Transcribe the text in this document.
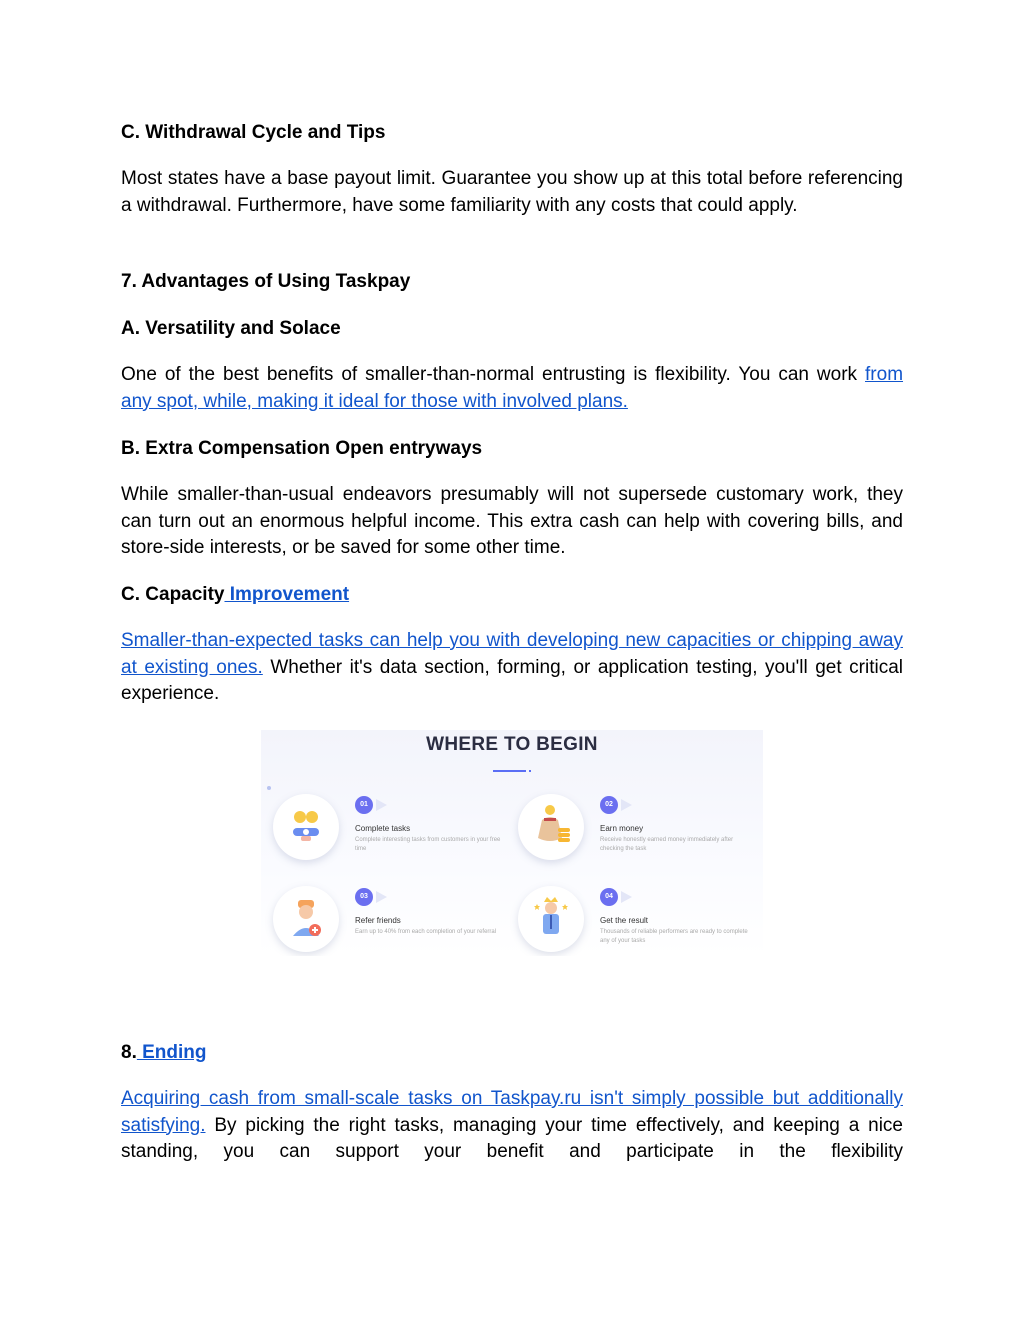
C. Withdrawal Cycle and Tips
Most states have a base payout limit. Guarantee you show up at this total before referencing a withdrawal. Furthermore, have some familiarity with any costs that could apply.
7. Advantages of Using Taskpay
A. Versatility and Solace
One of the best benefits of smaller-than-normal entrusting is flexibility. You can work from any spot, while, making it ideal for those with involved plans.
B. Extra Compensation Open entryways
While smaller-than-usual endeavors presumably will not supersede customary work, they can turn out an enormous helpful income. This extra cash can help with covering bills, and store-side interests, or be saved for some other time.
C. Capacity Improvement
Smaller-than-expected tasks can help you with developing new capacities or chipping away at existing ones. Whether it's data section, forming, or application testing, you'll get critical experience.
WHERE TO BEGIN
01
Complete tasks
Complete interesting tasks from customers in your free time
02
Earn money
Receive honestly earned money immediately after checking the task
03
Refer friends
Earn up to 40% from each completion of your referral
04
Get the result
Thousands of reliable performers are ready to complete any of your tasks
8. Ending
Acquiring cash from small-scale tasks on Taskpay.ru isn't simply possible but additionally satisfying. By picking the right tasks, managing your time effectively, and keeping a nice standing, you can support your benefit and participate in the flexibility
